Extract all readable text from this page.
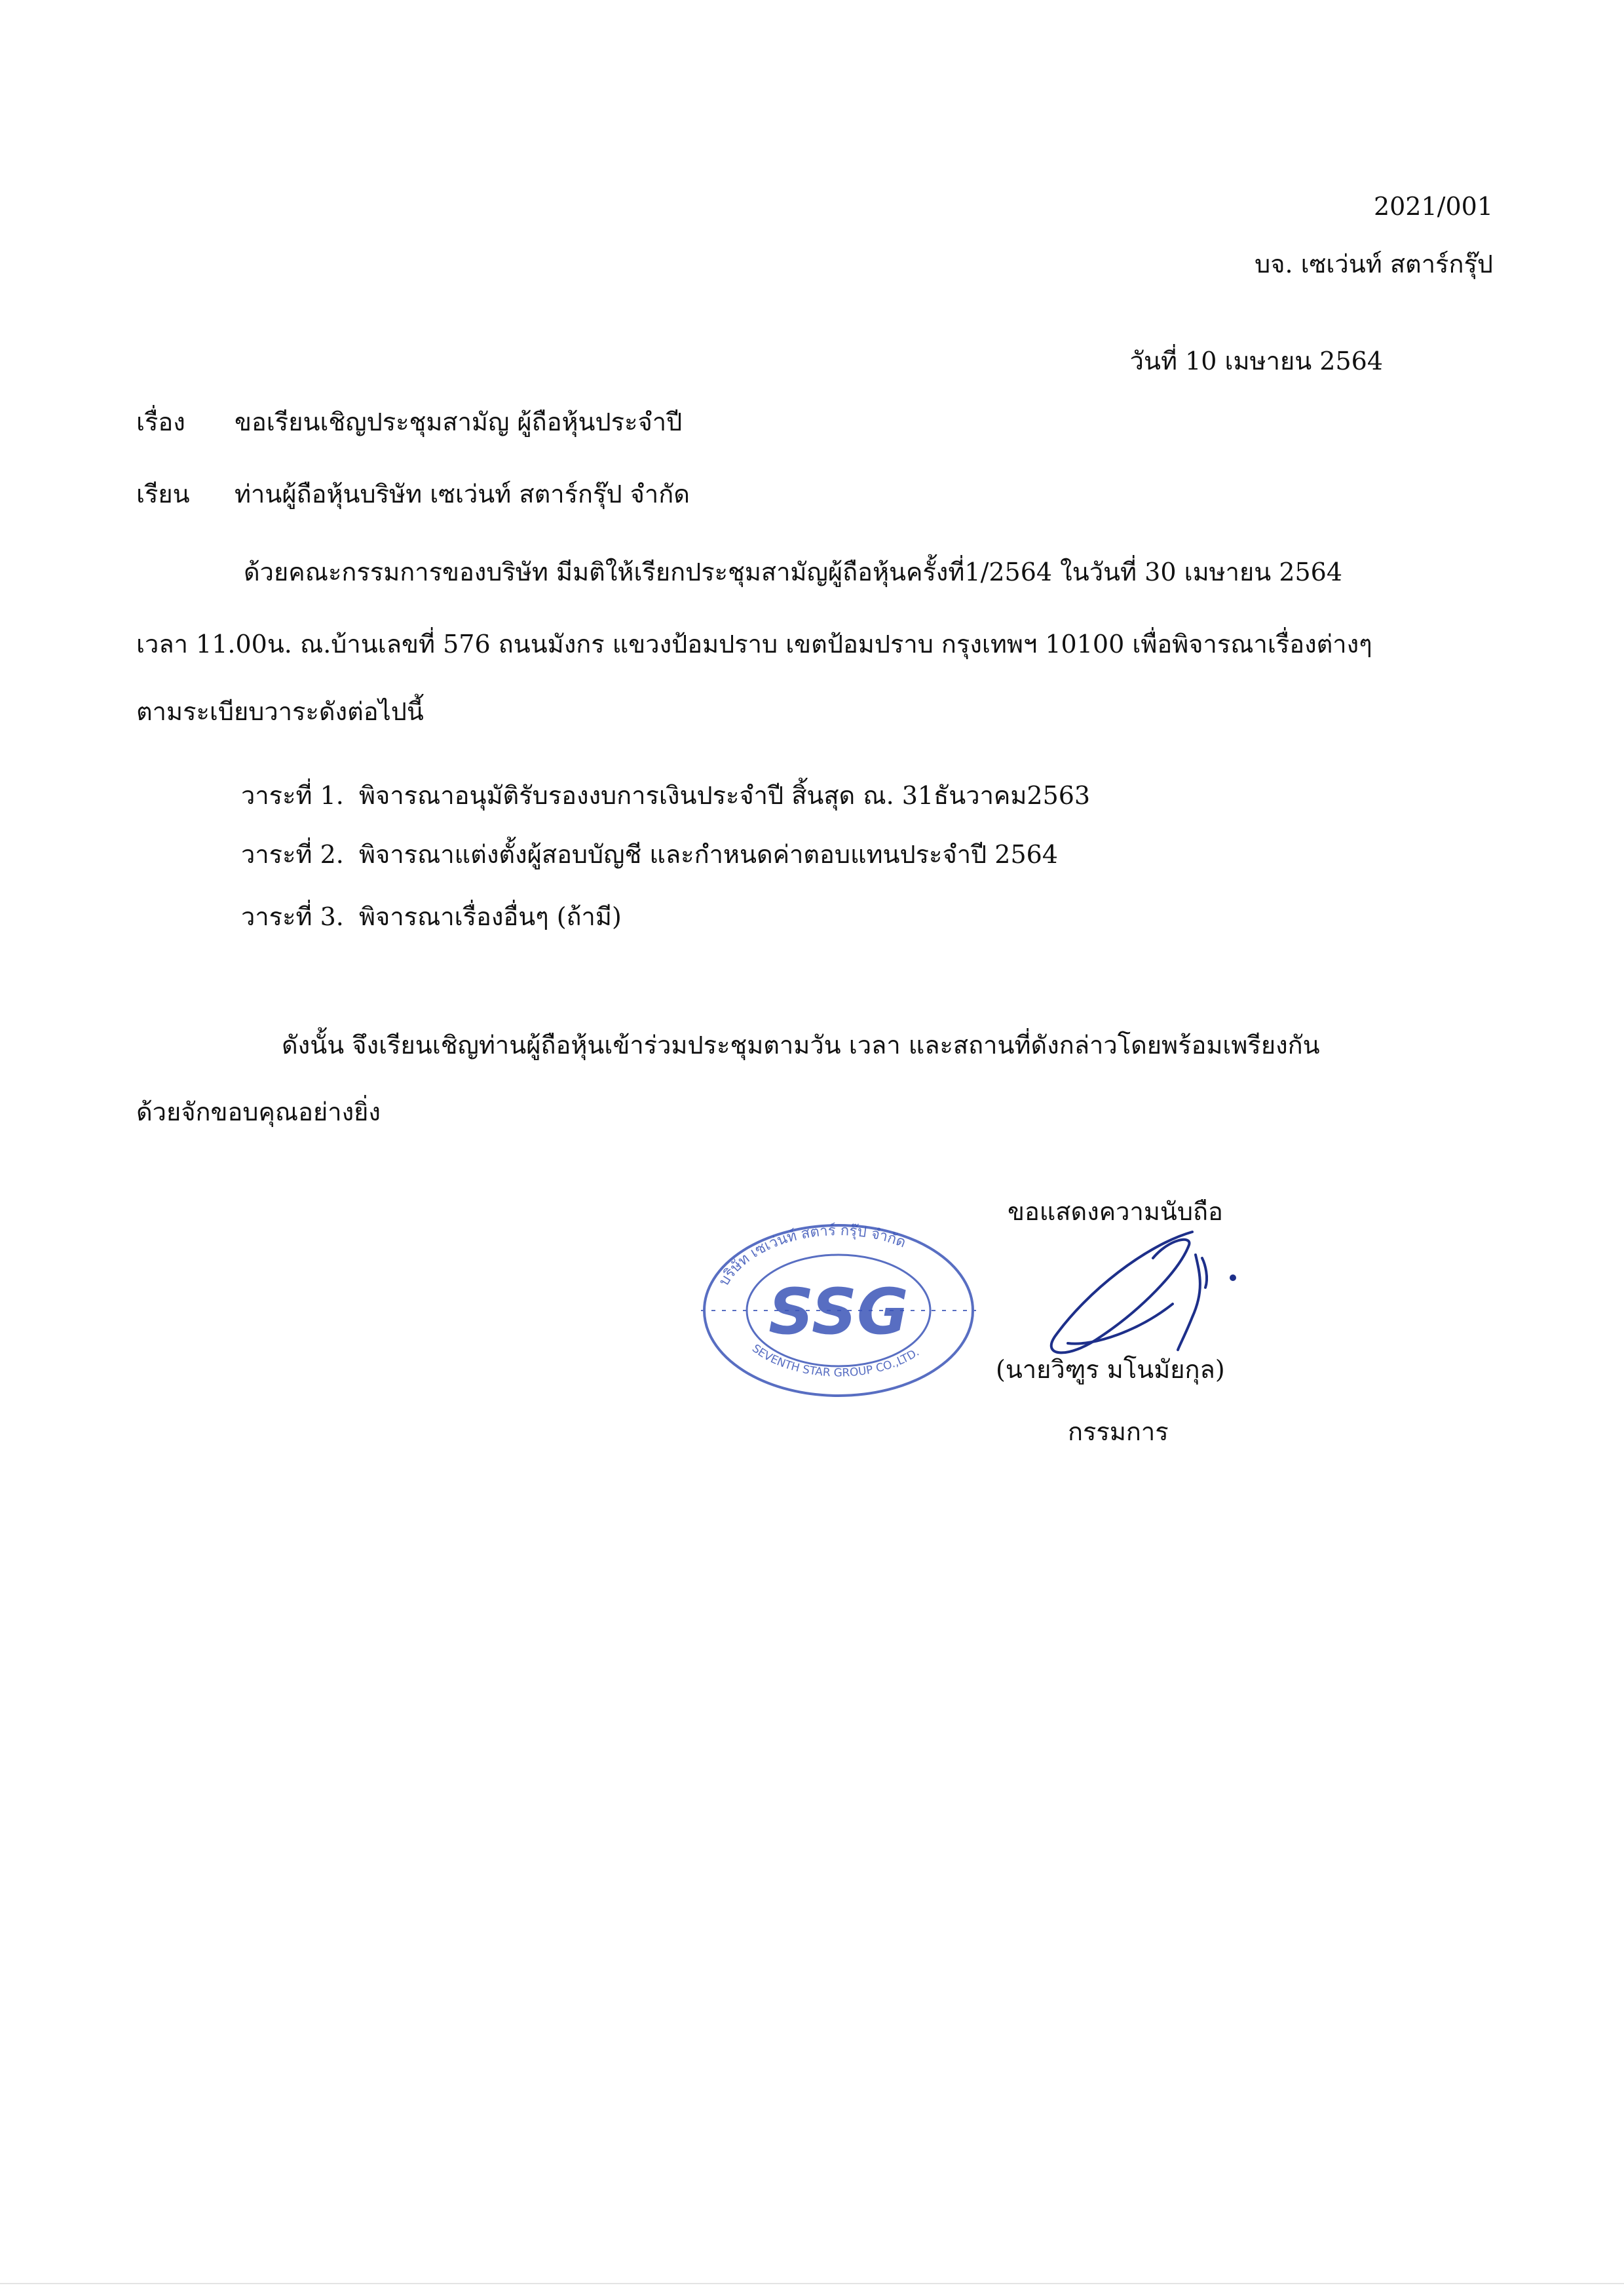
2021/001
บจ. เซเว่นท์ สตาร์กรุ๊ป
วันที่ 10 เมษายน 2564
เรื่อง ขอเรียนเชิญประชุมสามัญ ผู้ถือหุ้นประจำปี
เรียน ท่านผู้ถือหุ้นบริษัท เซเว่นท์ สตาร์กรุ๊ป จำกัด
ด้วยคณะกรรมการของบริษัท มีมติให้เรียกประชุมสามัญผู้ถือหุ้นครั้งที่1/2564 ในวันที่ 30 เมษายน 2564
เวลา 11.00น. ณ.บ้านเลขที่ 576 ถนนมังกร แขวงป้อมปราบ เขตป้อมปราบ กรุงเทพฯ 10100 เพื่อพิจารณาเรื่องต่างๆ
ตามระเบียบวาระดังต่อไปนี้
วาระที่ 1. พิจารณาอนุมัติรับรองงบการเงินประจำปี สิ้นสุด ณ. 31ธันวาคม2563
วาระที่ 2. พิจารณาแต่งตั้งผู้สอบบัญชี และกำหนดค่าตอบแทนประจำปี 2564
วาระที่ 3. พิจารณาเรื่องอื่นๆ (ถ้ามี)
ดังนั้น จึงเรียนเชิญท่านผู้ถือหุ้นเข้าร่วมประชุมตามวัน เวลา และสถานที่ดังกล่าวโดยพร้อมเพรียงกัน
ด้วยจักขอบคุณอย่างยิ่ง
ขอแสดงความนับถือ
บริษัท เซเว่นท์ สตาร์ กรุ๊ป จำกัด
SSG
SEVENTH STAR GROUP CO.,LTD.
(นายวิฑูร มโนมัยกุล)
กรรมการ
